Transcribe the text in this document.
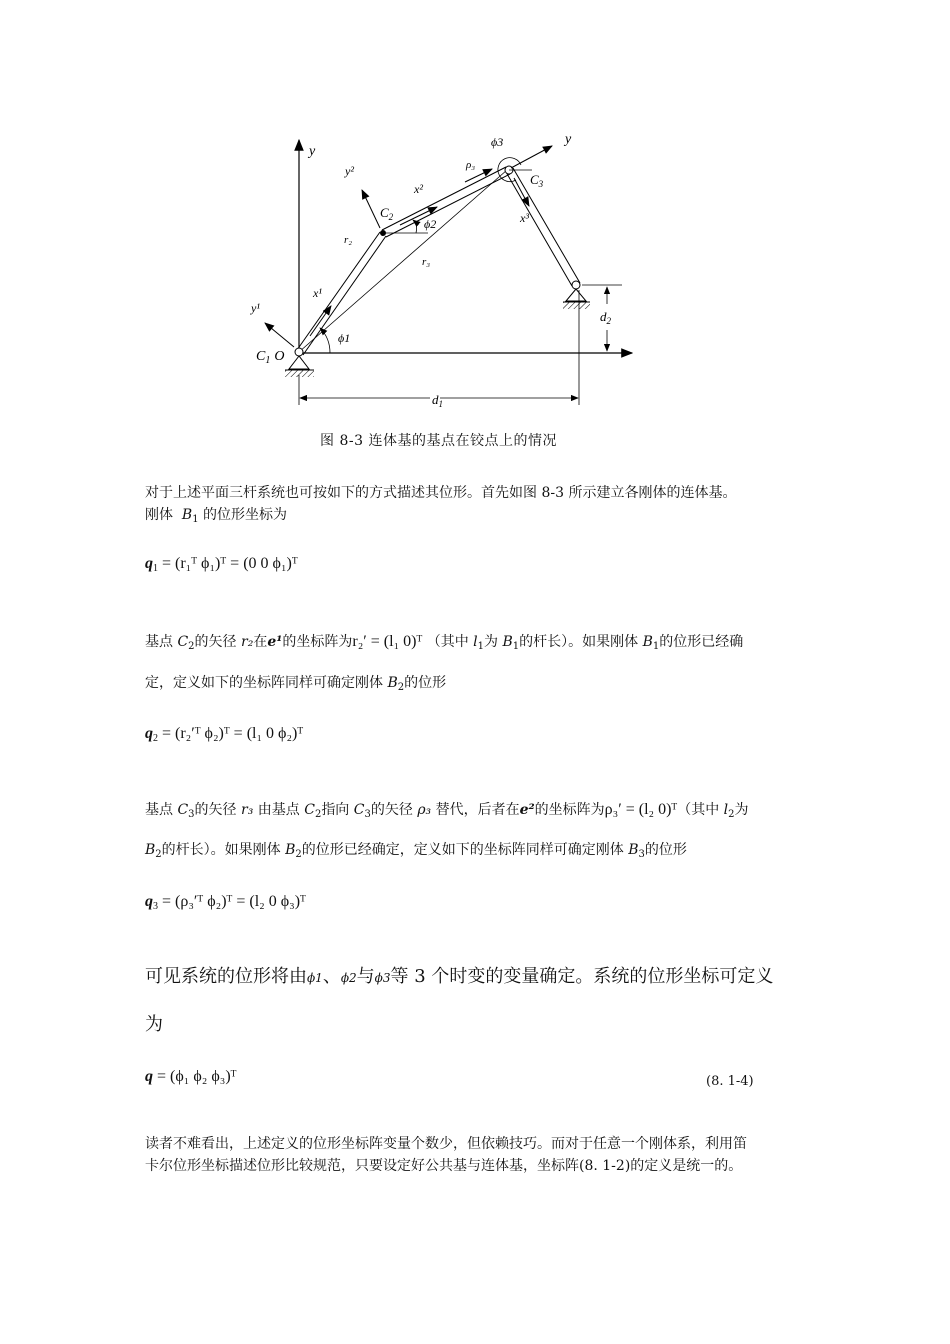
y
x¹
y¹
x²
y²
x³
y
r₂
r₃
ρ₃
ϕ1
ϕ2
ϕ3
$C_1$ O
$C_2$
$C_3$
$d_1$
$d_2$
图 8-3 连体基的基点在铰点上的情况
对于上述平面三杆系统也可按如下的方式描述其位形。首先如图 8-3 所示建立各刚体的连体基。
刚体 $B_1$ 的位形坐标为
$q_1$ = (r₁ᵀ ϕ₁)ᵀ = (0 0 ϕ₁)ᵀ
基点 $C_2$的矢径 r₂在e¹的坐标阵为r₂′ = (l₁ 0)ᵀ （其中 $l_1$为 $B_1$的杆长）。如果刚体 $B_1$的位形已经确
定，定义如下的坐标阵同样可确定刚体 $B_2$的位形
$q_2$ = (r₂′ᵀ ϕ₂)ᵀ = (l₁ 0 ϕ₂)ᵀ
基点 $C_3$的矢径 r₃ 由基点 $C_2$指向 $C_3$的矢径 ρ₃ 替代，后者在e²的坐标阵为ρ₃′ = (l₂ 0)ᵀ（其中 $l_2$为
$B_2$的杆长）。如果刚体 $B_2$的位形已经确定，定义如下的坐标阵同样可确定刚体 $B_3$的位形
$q_3$ = (ρ₃′ᵀ ϕ₂)ᵀ = (l₂ 0 ϕ₃)ᵀ
可见系统的位形将由ϕ1、ϕ2与ϕ3等 3 个时变的变量确定。系统的位形坐标可定义
为
q = (ϕ₁ ϕ₂ ϕ₃)ᵀ	(8. 1-4)
读者不难看出，上述定义的位形坐标阵变量个数少，但依赖技巧。而对于任意一个刚体系，利用笛
卡尔位形坐标描述位形比较规范，只要设定好公共基与连体基，坐标阵(8. 1-2)的定义是统一的。
